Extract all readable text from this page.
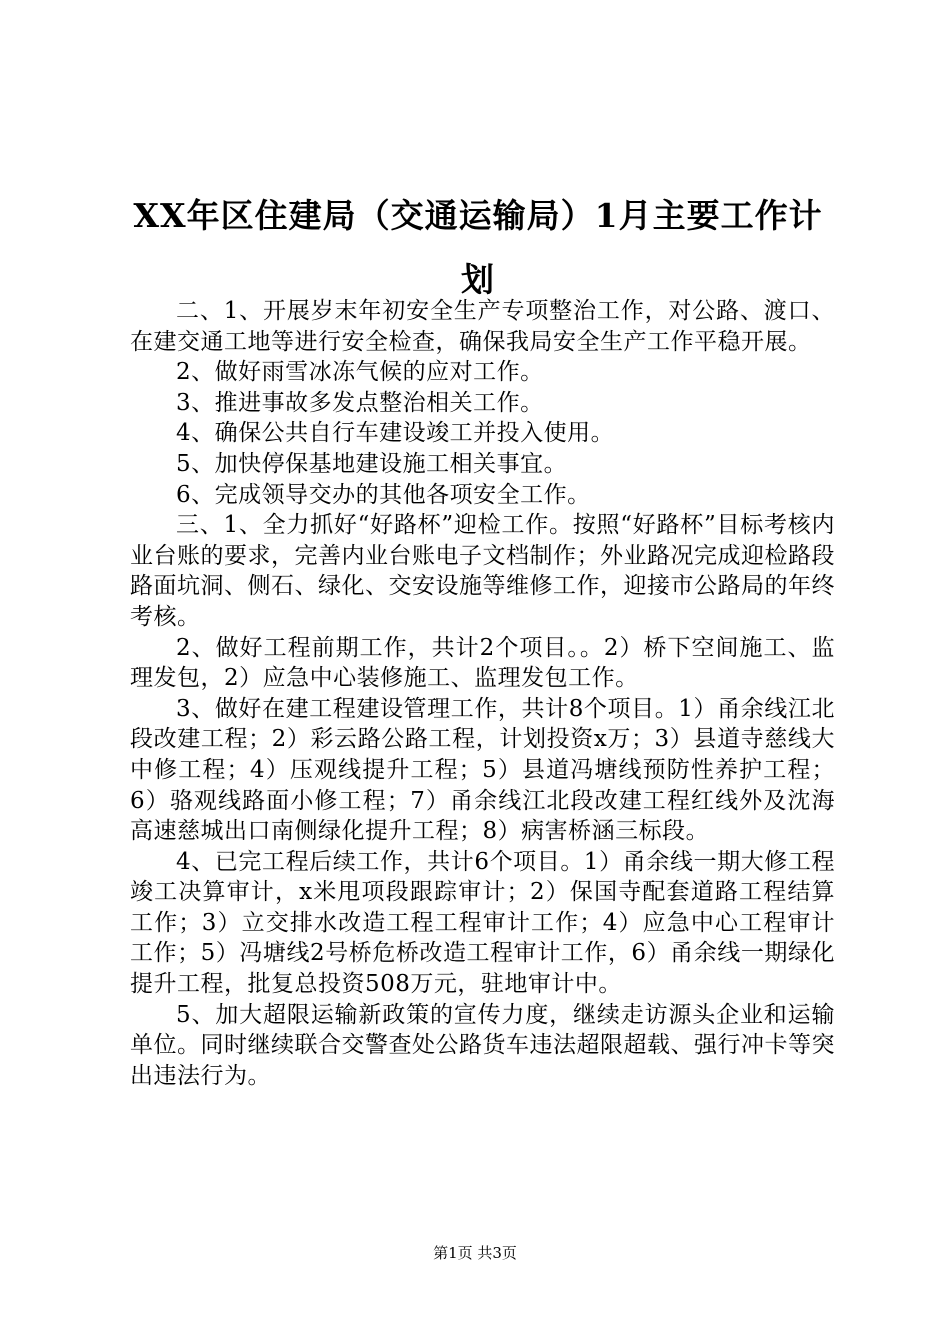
XX年区住建局（交通运输局）1月主要工作计划

二、1、开展岁末年初安全生产专项整治工作，对公路、渡口、在建交通工地等进行安全检查，确保我局安全生产工作平稳开展。

2、做好雨雪冰冻气候的应对工作。

3、推进事故多发点整治相关工作。

4、确保公共自行车建设竣工并投入使用。

5、加快停保基地建设施工相关事宜。

6、完成领导交办的其他各项安全工作。

三、1、全力抓好“好路杯”迎检工作。按照“好路杯”目标考核内业台账的要求，完善内业台账电子文档制作；外业路况完成迎检路段路面坑洞、侧石、绿化、交安设施等维修工作，迎接市公路局的年终考核。

2、做好工程前期工作，共计2个项目。。2）桥下空间施工、监理发包，2）应急中心装修施工、监理发包工作。

3、做好在建工程建设管理工作，共计8个项目。1）甬余线江北段改建工程；2）彩云路公路工程，计划投资x万；3）县道寺慈线大中修工程；4）压观线提升工程；5）县道冯塘线预防性养护工程；6）骆观线路面小修工程；7）甬余线江北段改建工程红线外及沈海高速慈城出口南侧绿化提升工程；8）病害桥涵三标段。

4、已完工程后续工作，共计6个项目。1）甬余线一期大修工程竣工决算审计，x米甩项段跟踪审计；2）保国寺配套道路工程结算工作；3）立交排水改造工程工程审计工作；4）应急中心工程审计工作；5）冯塘线2号桥危桥改造工程审计工作，6）甬余线一期绿化提升工程，批复总投资508万元，驻地审计中。

5、加大超限运输新政策的宣传力度，继续走访源头企业和运输单位。同时继续联合交警查处公路货车违法超限超载、强行冲卡等突出违法行为。

第1页 共3页
